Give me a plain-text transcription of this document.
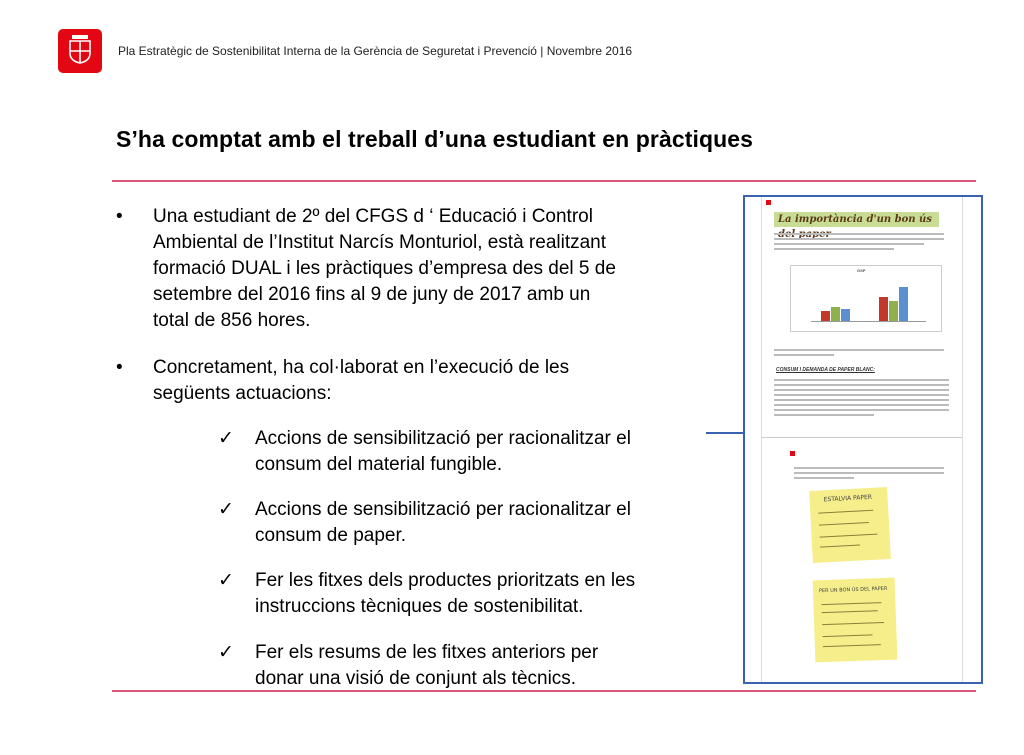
Pla Estratègic de Sostenibilitat Interna de la Gerència de Seguretat i Prevenció | Novembre 2016
S’ha comptat amb el treball d’una estudiant en pràctiques
• Una estudiant de 2º del CFGS d ‘ Educació i Control
Ambiental de l’Institut Narcís Monturiol, està realitzant
formació DUAL i les pràctiques d’empresa des del 5 de
setembre del 2016 fins al 9 de juny de 2017 amb un
total de 856 hores.
• Concretament, ha col·laborat en l’execució de les
següents actuacions:
✓ Accions de sensibilització per racionalitzar el
consum del material fungible.
✓ Accions de sensibilització per racionalitzar el
consum de paper.
✓ Fer les fitxes dels productes prioritzats en les
instruccions tècniques de sostenibilitat.
✓ Fer els resums de les fitxes anteriors per
donar una visió de conjunt als tècnics.
La importància d'un bon ús
GSP
CONSUM I DEMANDA DE PAPER BLANC:
ESTALVIA PAPER
PER UN BON ÚS DEL PAPER
